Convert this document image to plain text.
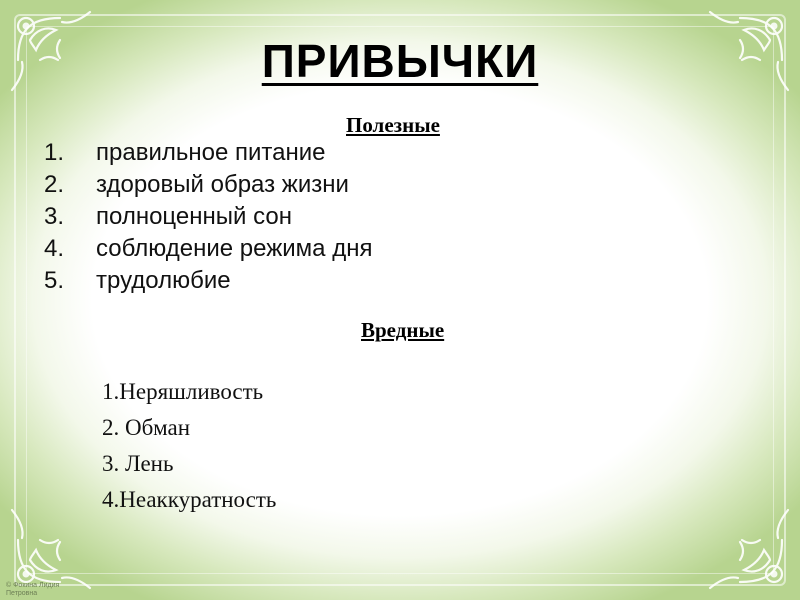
ПРИВЫЧКИ
Полезные
1. правильное питание
2. здоровый образ жизни
3. полноценный сон
4. соблюдение режима дня
5. трудолюбие
Вредные
1.Неряшливость
2. Обман
3. Лень
4.Неаккуратность
© Фокина Лидия Петровна
